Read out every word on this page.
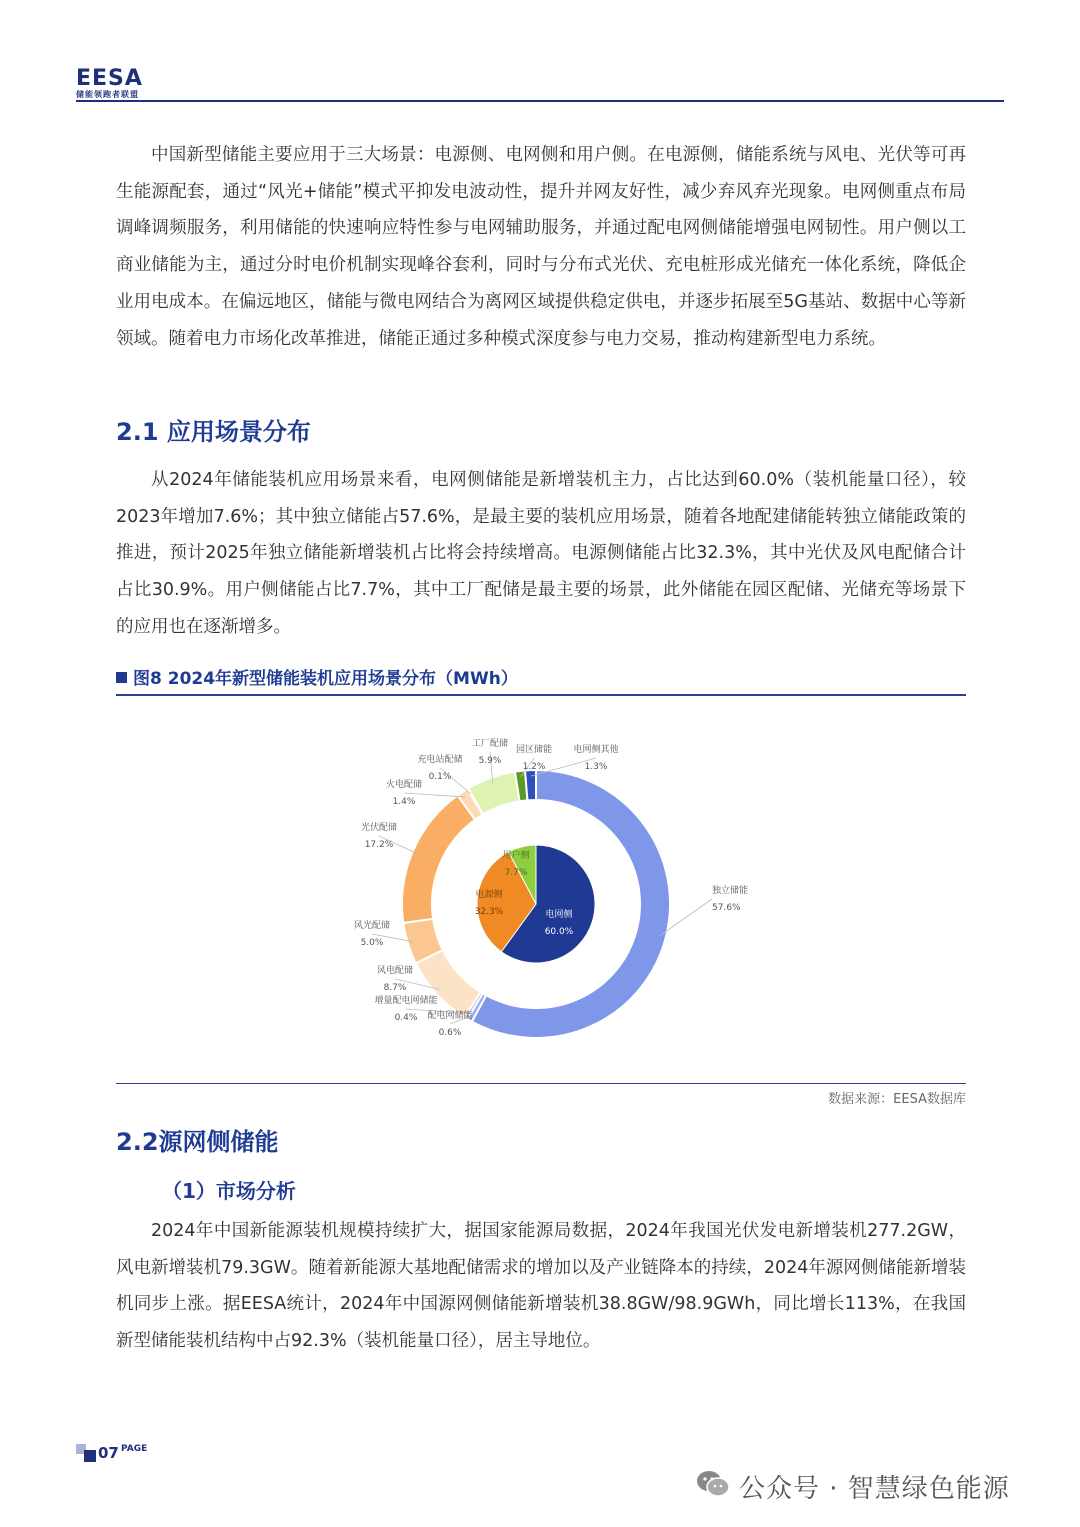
EESA
储能领跑者联盟

中国新型储能主要应用于三大场景：电源侧、电网侧和用户侧。在电源侧，储能系统与风电、光伏等可再生能源配套，通过“风光+储能”模式平抑发电波动性，提升并网友好性，减少弃风弃光现象。电网侧重点布局调峰调频服务，利用储能的快速响应特性参与电网辅助服务，并通过配电网侧储能增强电网韧性。用户侧以工商业储能为主，通过分时电价机制实现峰谷套利，同时与分布式光伏、充电桩形成光储充一体化系统，降低企业用电成本。在偏远地区，储能与微电网结合为离网区域提供稳定供电，并逐步拓展至5G基站、数据中心等新领域。随着电力市场化改革推进，储能正通过多种模式深度参与电力交易，推动构建新型电力系统。

2.1 应用场景分布

从2024年储能装机应用场景来看，电网侧储能是新增装机主力，占比达到60.0%（装机能量口径），较2023年增加7.6%；其中独立储能占57.6%，是最主要的装机应用场景，随着各地配建储能转独立储能政策的推进，预计2025年独立储能新增装机占比将会持续增高。电源侧储能占比32.3%，其中光伏及风电配储合计占比30.9%。用户侧储能占比7.7%，其中工厂配储是最主要的场景，此外储能在园区配储、光储充等场景下的应用也在逐渐增多。

图8 2024年新型储能装机应用场景分布（MWh）
独立储能
57.6%
配电网储能
0.6%
增量配电网储能
0.4%
风电配储
8.7%
风光配储
5.0%
光伏配储
17.2%
火电配储
1.4%
充电站配储
0.1%
工厂配储
5.9%
园区储能
1.2%
电网侧其他
1.3%
电网侧
60.0%
电源侧
32.3%
用户侧
7.7%
数据来源：EESA数据库
2.2源网侧储能
（1）市场分析

2024年中国新能源装机规模持续扩大，据国家能源局数据，2024年我国光伏发电新增装机277.2GW，风电新增装机79.3GW。随着新能源大基地配储需求的增加以及产业链降本的持续，2024年源网侧储能新增装机同步上涨。据EESA统计，2024年中国源网侧储能新增装机38.8GW/98.9GWh，同比增长113%，在我国新型储能装机结构中占92.3%（装机能量口径），居主导地位。

07 PAGE
公众号 · 智慧绿色能源
